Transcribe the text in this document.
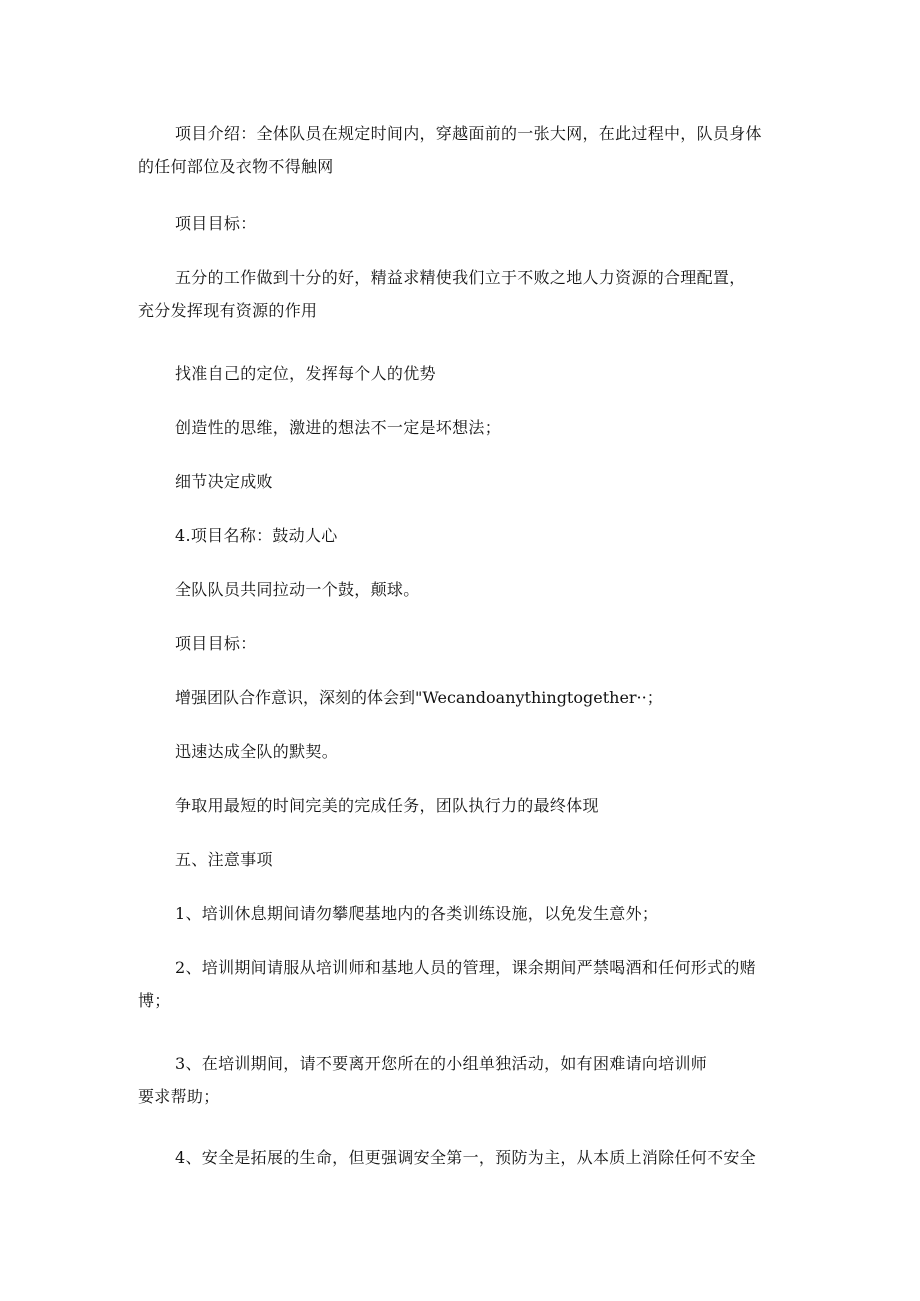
项目介绍：全体队员在规定时间内，穿越面前的一张大网，在此过程中，队员身体
的任何部位及衣物不得触网

项目目标：

五分的工作做到十分的好，精益求精使我们立于不败之地人力资源的合理配置，
充分发挥现有资源的作用

找准自己的定位，发挥每个人的优势

创造性的思维，激进的想法不一定是坏想法；

细节决定成败

4.项目名称：鼓动人心

全队队员共同拉动一个鼓，颠球。

项目目标：

增强团队合作意识，深刻的体会到"Wecandoanythingtogether··；

迅速达成全队的默契。

争取用最短的时间完美的完成任务，团队执行力的最终体现

五、注意事项

1、培训休息期间请勿攀爬基地内的各类训练设施，以免发生意外；

2、培训期间请服从培训师和基地人员的管理，课余期间严禁喝酒和任何形式的赌
博；

3、在培训期间，请不要离开您所在的小组单独活动，如有困难请向培训师
要求帮助；

4、安全是拓展的生命，但更强调安全第一，预防为主，从本质上消除任何不安全
